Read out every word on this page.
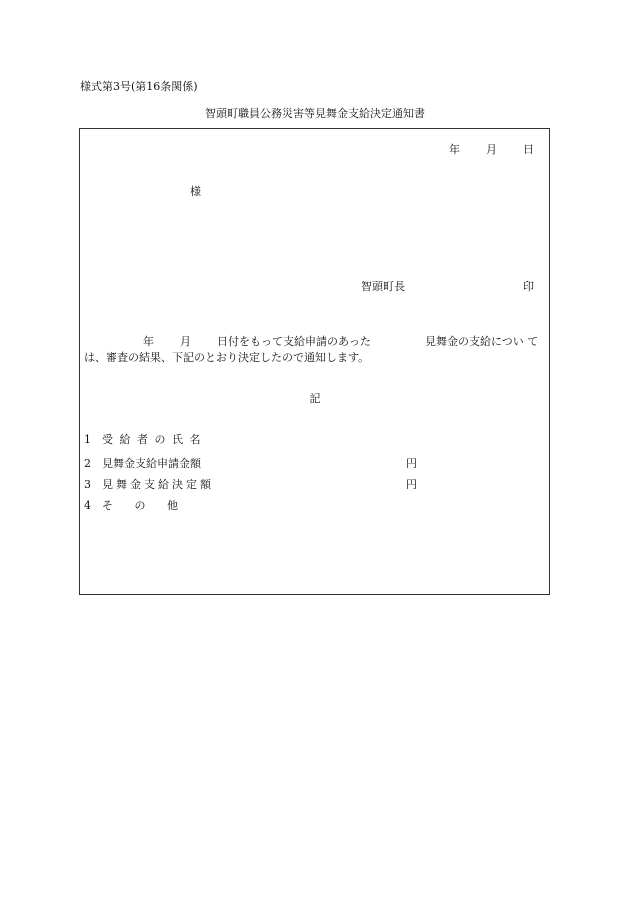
様式第3号(第16条関係)
智頭町職員公務災害等見舞金支給決定通知書
年 月 日
様
智頭町長	印
年 月 日付をもって支給申請のあった	見舞金の支給につい て
は、審査の結果、下記のとおり決定したので通知します。
記
1 受給者の氏名
2 見舞金支給申請金額	円
3 見舞金支給決定額	円
4 そ の 他
